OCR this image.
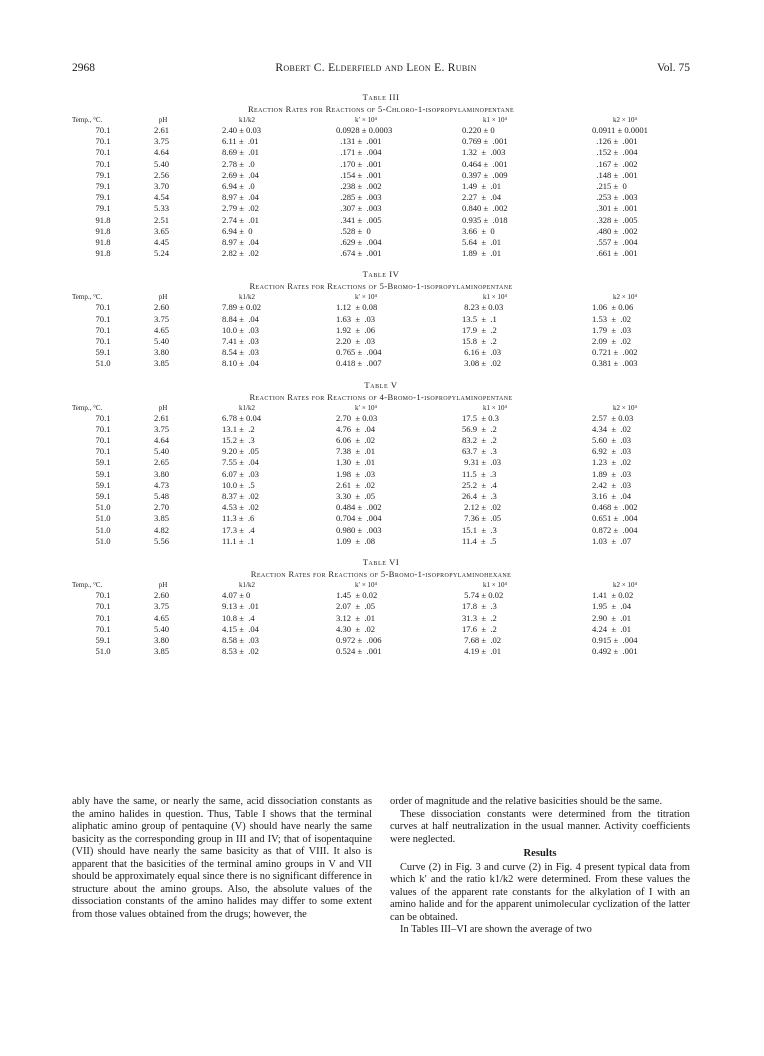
2968	Robert C. Elderfield and Leon E. Rubin	Vol. 75
Table III
Reaction Rates for Reactions of 5-Chloro-1-isopropylaminopentane
Temp., °C.	pH	k1/k2	k′ × 10⁴	k1 × 10⁴	k2 × 10⁴
70.1	2.61	2.40 ± 0.03	0.0928 ± 0.0003	0.220 ± 0	0.0911 ± 0.0001
70.1	3.75	6.11 ±  .01	.131 ±  .001	0.769 ±  .001	.126 ±  .001
70.1	4.64	8.69 ±  .01	.171 ±  .004	1.32  ±  .003	.152 ±  .004
70.1	5.40	2.78 ±  .0	.170 ±  .001	0.464 ±  .001	.167 ±  .002
79.1	2.56	2.69 ±  .04	.154 ±  .001	0.397 ±  .009	.148 ±  .001
79.1	3.70	6.94 ±  .0	.238 ±  .002	1.49  ±  .01	.215 ±  0
79.1	4.54	8.97 ±  .04	.285 ±  .003	2.27  ±  .04	.253 ±  .003
79.1	5.33	2.79 ±  .02	.307 ±  .003	0.840 ±  .002	.301 ±  .001
91.8	2.51	2.74 ±  .01	.341 ±  .005	0.935 ±  .018	.328 ±  .005
91.8	3.65	6.94 ±  0	.528 ±  0	3.66  ±  0	.480 ±  .002
91.8	4.45	8.97 ±  .04	.629 ±  .004	5.64  ±  .01	.557 ±  .004
91.8	5.24	2.82 ±  .02	.674 ±  .001	1.89  ±  .01	.661 ±  .001
Table IV
Reaction Rates for Reactions of 5-Bromo-1-isopropylaminopentane
Temp., °C.	pH	k1/k2	k′ × 10⁴	k1 × 10⁴	k2 × 10⁴
70.1	2.60	7.89 ± 0.02	1.12  ± 0.08	8.23 ± 0.03	1.06  ± 0.06
70.1	3.75	8.84 ±  .04	1.63  ±  .03	13.5  ±  .1	1.53  ±  .02
70.1	4.65	10.0 ±  .03	1.92  ±  .06	17.9  ±  .2	1.79  ±  .03
70.1	5.40	7.41 ±  .03	2.20  ±  .03	15.8  ±  .2	2.09  ±  .02
59.1	3.80	8.54 ±  .03	0.765 ±  .004	6.16 ±  .03	0.721 ±  .002
51.0	3.85	8.10 ±  .04	0.418 ±  .007	3.08 ±  .02	0.381 ±  .003
Table V
Reaction Rates for Reactions of 4-Bromo-1-isopropylaminopentane
Temp., °C.	pH	k1/k2	k′ × 10⁴	k1 × 10⁴	k2 × 10⁴
70.1	2.61	6.78 ± 0.04	2.70  ± 0.03	17.5  ± 0.3	2.57  ± 0.03
70.1	3.75	13.1 ±  .2	4.76  ±  .04	56.9  ±  .2	4.34  ±  .02
70.1	4.64	15.2 ±  .3	6.06  ±  .02	83.2  ±  .2	5.60  ±  .03
70.1	5.40	9.20 ±  .05	7.38  ±  .01	63.7  ±  .3	6.92  ±  .03
59.1	2.65	7.55 ±  .04	1.30  ±  .01	9.31 ±  .03	1.23  ±  .02
59.1	3.80	6.07 ±  .03	1.98  ±  .03	11.5  ±  .3	1.89  ±  .03
59.1	4.73	10.0 ±  .5	2.61  ±  .02	25.2  ±  .4	2.42  ±  .03
59.1	5.48	8.37 ±  .02	3.30  ±  .05	26.4  ±  .3	3.16  ±  .04
51.0	2.70	4.53 ±  .02	0.484 ±  .002	2.12 ±  .02	0.468 ±  .002
51.0	3.85	11.3 ±  .6	0.704 ±  .004	7.36 ±  .05	0.651 ±  .004
51.0	4.82	17.3 ±  .4	0.980 ±  .003	15.1  ±  .3	0.872 ±  .004
51.0	5.56	11.1 ±  .1	1.09  ±  .08	11.4  ±  .5	1.03  ±  .07
Table VI
Reaction Rates for Reactions of 5-Bromo-1-isopropylaminohexane
Temp., °C.	pH	k1/k2	k′ × 10⁴	k1 × 10⁴	k2 × 10⁴
70.1	2.60	4.07 ± 0	1.45  ± 0.02	5.74 ± 0.02	1.41  ± 0.02
70.1	3.75	9.13 ±  .01	2.07  ±  .05	17.8  ±  .3	1.95  ±  .04
70.1	4.65	10.8 ±  .4	3.12  ±  .01	31.3  ±  .2	2.90  ±  .01
70.1	5.40	4.15 ±  .04	4.30  ±  .02	17.6  ±  .2	4.24  ±  .01
59.1	3.80	8.58 ±  .03	0.972 ±  .006	7.68 ±  .02	0.915 ±  .004
51.0	3.85	8.53 ±  .02	0.524 ±  .001	4.19 ±  .01	0.492 ±  .001

ably have the same, or nearly the same, acid dissociation constants as the amino halides in question. Thus, Table I shows that the terminal aliphatic amino group of pentaquine (V) should have nearly the same basicity as the corresponding group in III and IV; that of isopentaquine (VII) should have nearly the same basicity as that of VIII. It also is apparent that the basicities of the terminal amino groups in V and VII should be approximately equal since there is no significant difference in structure about the amino groups. Also, the absolute values of the dissociation constants of the amino halides may differ to some extent from those values obtained from the drugs; however, the

order of magnitude and the relative basicities should be the same.

These dissociation constants were determined from the titration curves at half neutralization in the usual manner. Activity coefficients were neglected.

Results

Curve (2) in Fig. 3 and curve (2) in Fig. 4 present typical data from which k′ and the ratio k1/k2 were determined. From these values the values of the apparent rate constants for the alkylation of I with an amino halide and for the apparent unimolecular cyclization of the latter can be obtained.

In Tables III–VI are shown the average of two
